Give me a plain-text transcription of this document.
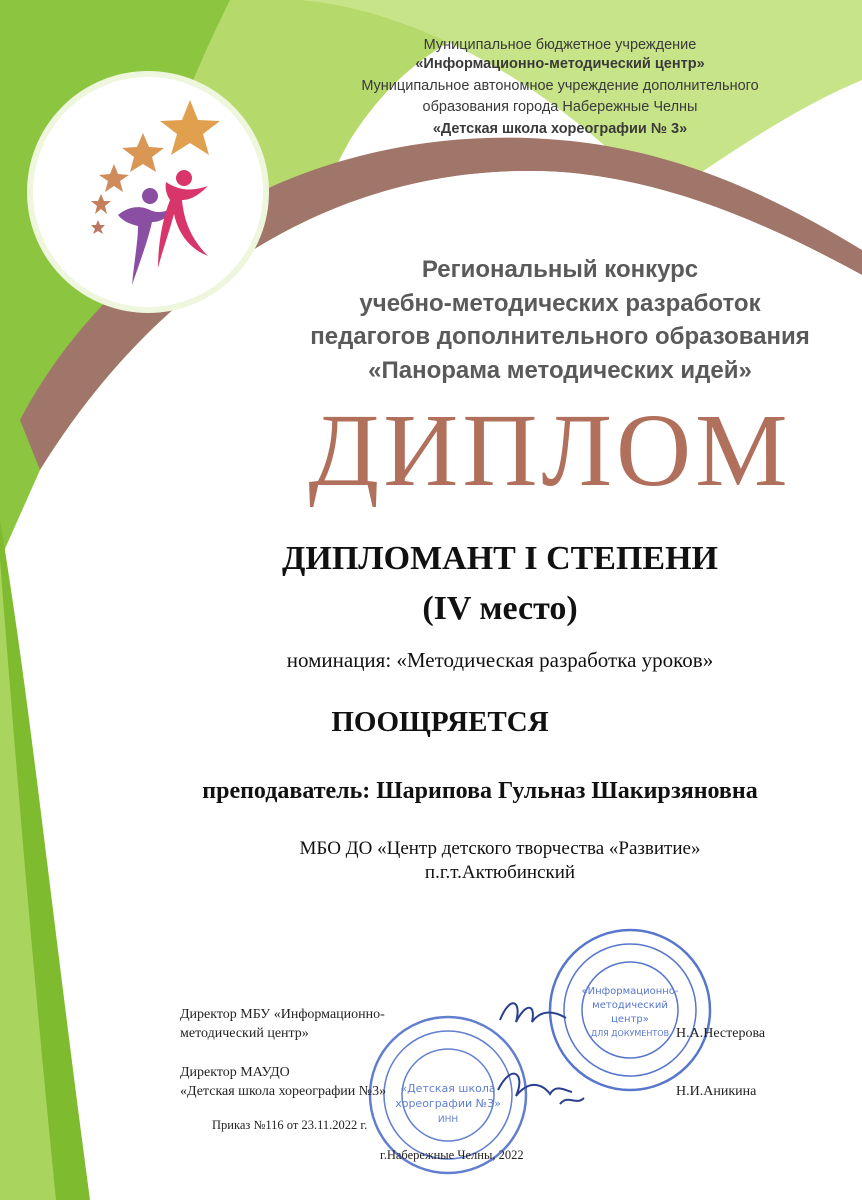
Муниципальное бюджетное учреждение

«Информационно-методический центр»

Муниципальное автономное учреждение дополнительного

образования города Набережные Челны

«Детская школа хореографии № 3»

Региональный конкурс

учебно-методических разработок

педагогов дополнительного образования

«Панорама методических идей»

ДИПЛОМ

ДИПЛОМАНТ I СТЕПЕНИ

(IV место)

номинация: «Методическая разработка уроков»

ПООЩРЯЕТСЯ

преподаватель: Шарипова Гульназ Шакирзяновна

МБО ДО «Центр детского творчества «Развитие»

п.г.т.Актюбинский

«Информационно-
методический
центр»
ДЛЯ ДОКУМЕНТОВ
«Детская школа
хореографии №3»
ИНН

Директор МБУ «Информационно-

методический центр»	Н.А.Нестерова

Директор МАУДО

«Детская школа хореографии №3»	Н.И.Аникина

Приказ №116 от 23.11.2022 г.

г.Набережные Челны, 2022
